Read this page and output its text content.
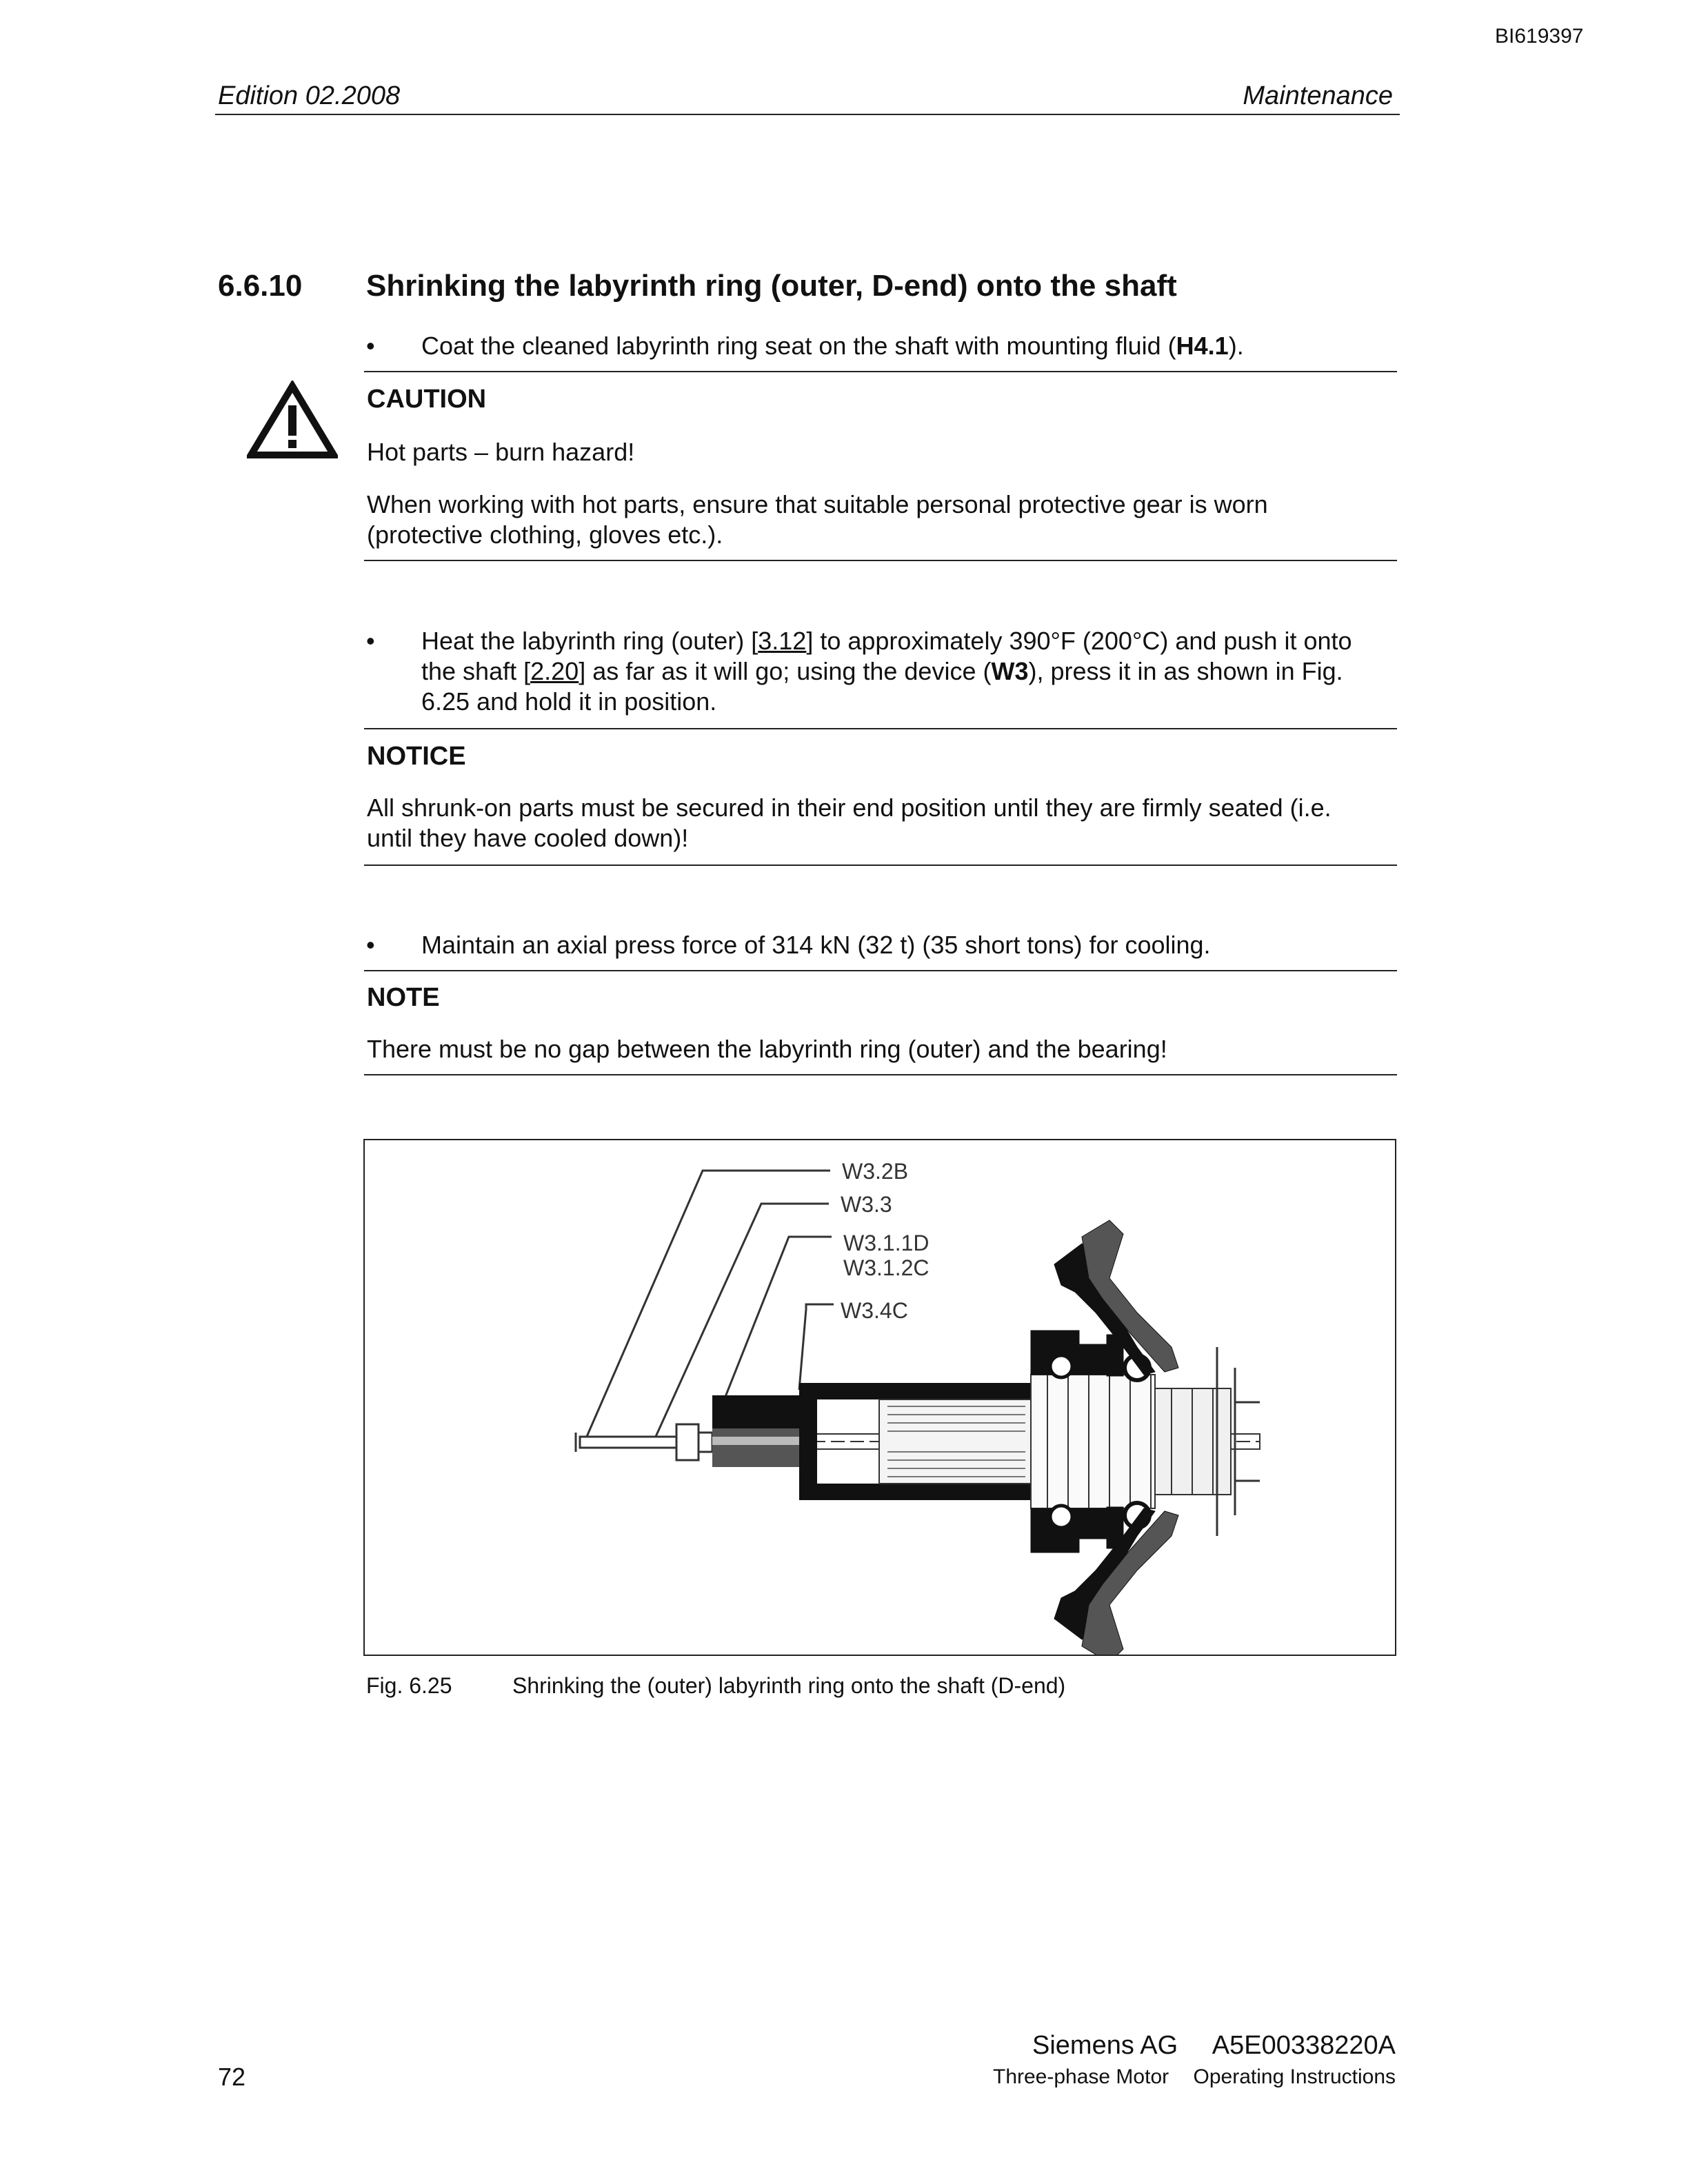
BI619397
Edition 02.2008	Maintenance
6.6.10 Shrinking the labyrinth ring (outer, D-end) onto the shaft
• Coat the cleaned labyrinth ring seat on the shaft with mounting fluid (H4.1).
CAUTION
Hot parts – burn hazard!
When working with hot parts, ensure that suitable personal protective gear is worn
(protective clothing, gloves etc.).
• Heat the labyrinth ring (outer) [3.12] to approximately 390°F (200°C) and push it onto
the shaft [2.20] as far as it will go; using the device (W3), press it in as shown in Fig.
6.25 and hold it in position.
NOTICE
All shrunk-on parts must be secured in their end position until they are firmly seated (i.e.
until they have cooled down)!
• Maintain an axial press force of 314 kN (32 t) (35 short tons) for cooling.
NOTE
There must be no gap between the labyrinth ring (outer) and the bearing!
W3.2B
W3.3
W3.1.1D
W3.1.2C
W3.4C
Fig. 6.25	Shrinking the (outer) labyrinth ring onto the shaft (D-end)
72
Siemens AG A5E00338220A
Three-phase Motor Operating Instructions
